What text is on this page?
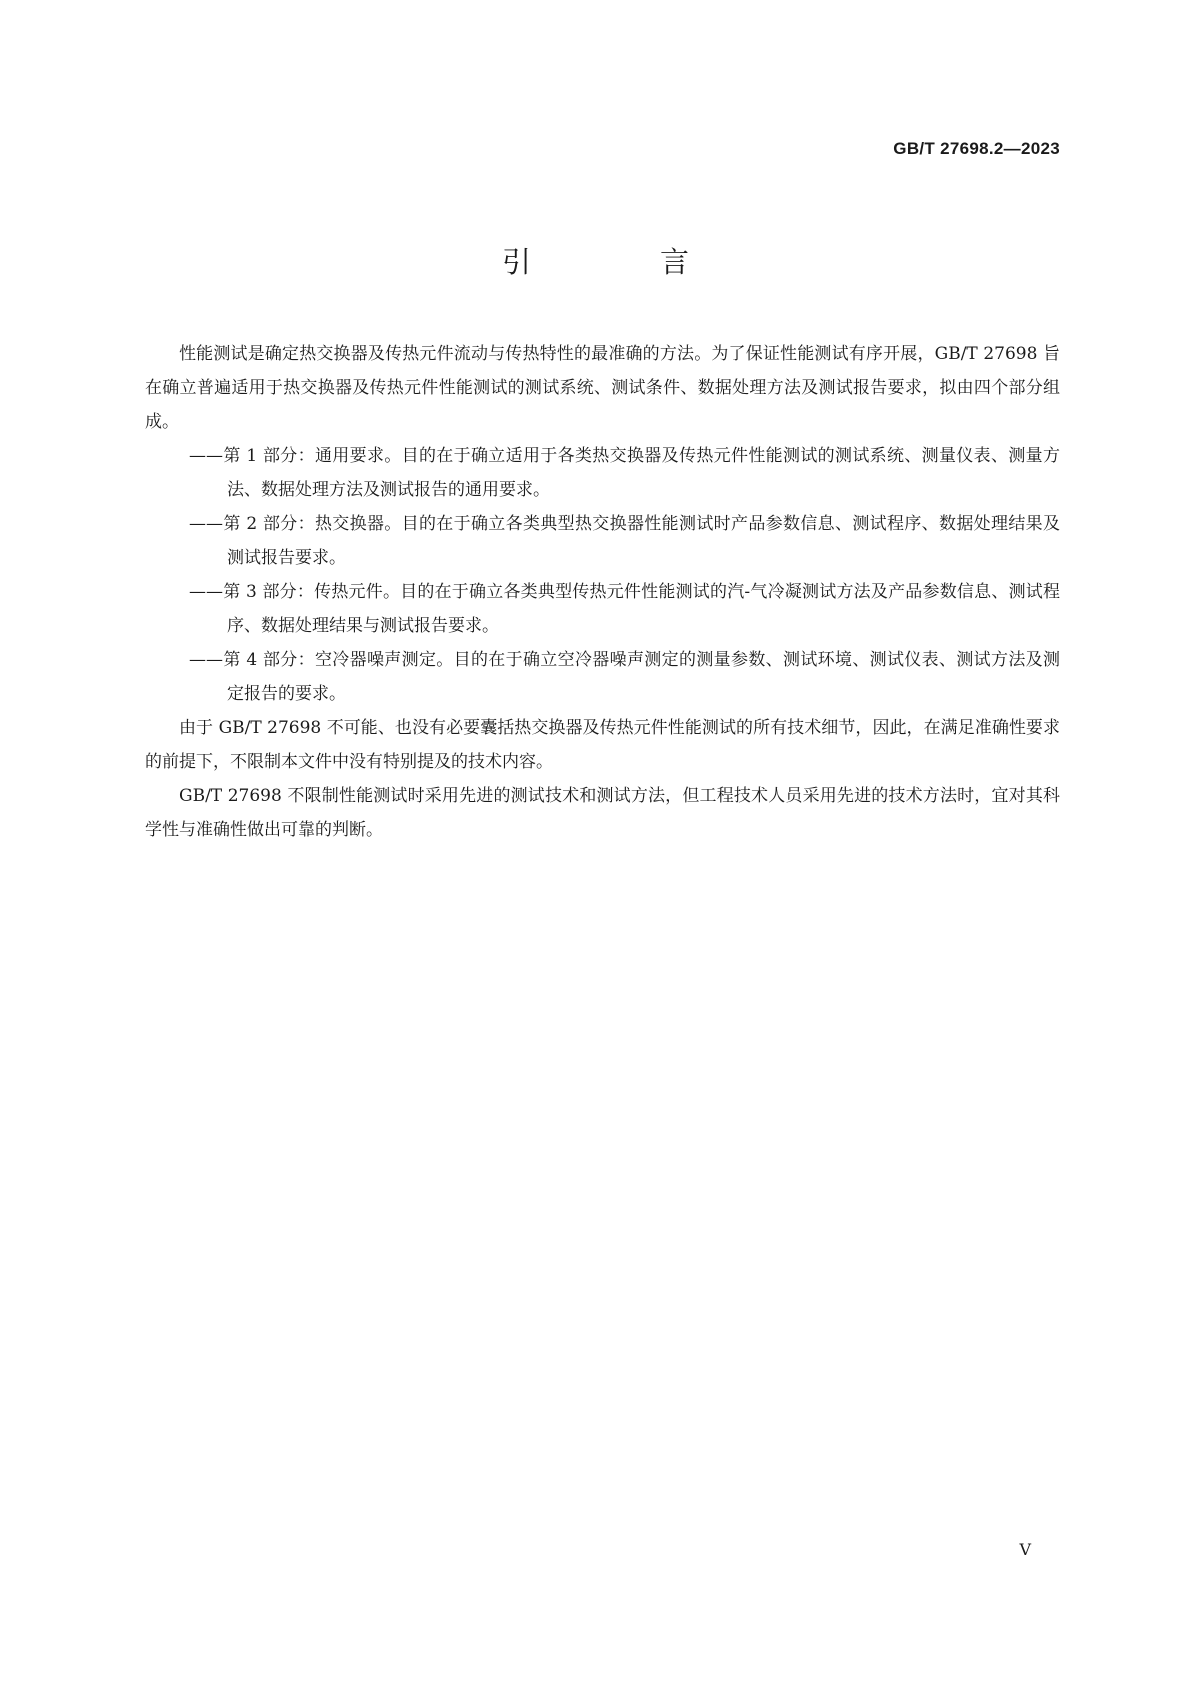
GB/T 27698.2—2023
引　言

性能测试是确定热交换器及传热元件流动与传热特性的最准确的方法。为了保证性能测试有序开展，GB/T 27698 旨在确立普遍适用于热交换器及传热元件性能测试的测试系统、测试条件、数据处理方法及测试报告要求，拟由四个部分组成。

——第 1 部分：通用要求。目的在于确立适用于各类热交换器及传热元件性能测试的测试系统、测量仪表、测量方法、数据处理方法及测试报告的通用要求。

——第 2 部分：热交换器。目的在于确立各类典型热交换器性能测试时产品参数信息、测试程序、数据处理结果及测试报告要求。

——第 3 部分：传热元件。目的在于确立各类典型传热元件性能测试的汽-气冷凝测试方法及产品参数信息、测试程序、数据处理结果与测试报告要求。

——第 4 部分：空冷器噪声测定。目的在于确立空冷器噪声测定的测量参数、测试环境、测试仪表、测试方法及测定报告的要求。

由于 GB/T 27698 不可能、也没有必要囊括热交换器及传热元件性能测试的所有技术细节，因此，在满足准确性要求的前提下，不限制本文件中没有特别提及的技术内容。

GB/T 27698 不限制性能测试时采用先进的测试技术和测试方法，但工程技术人员采用先进的技术方法时，宜对其科学性与准确性做出可靠的判断。

V
